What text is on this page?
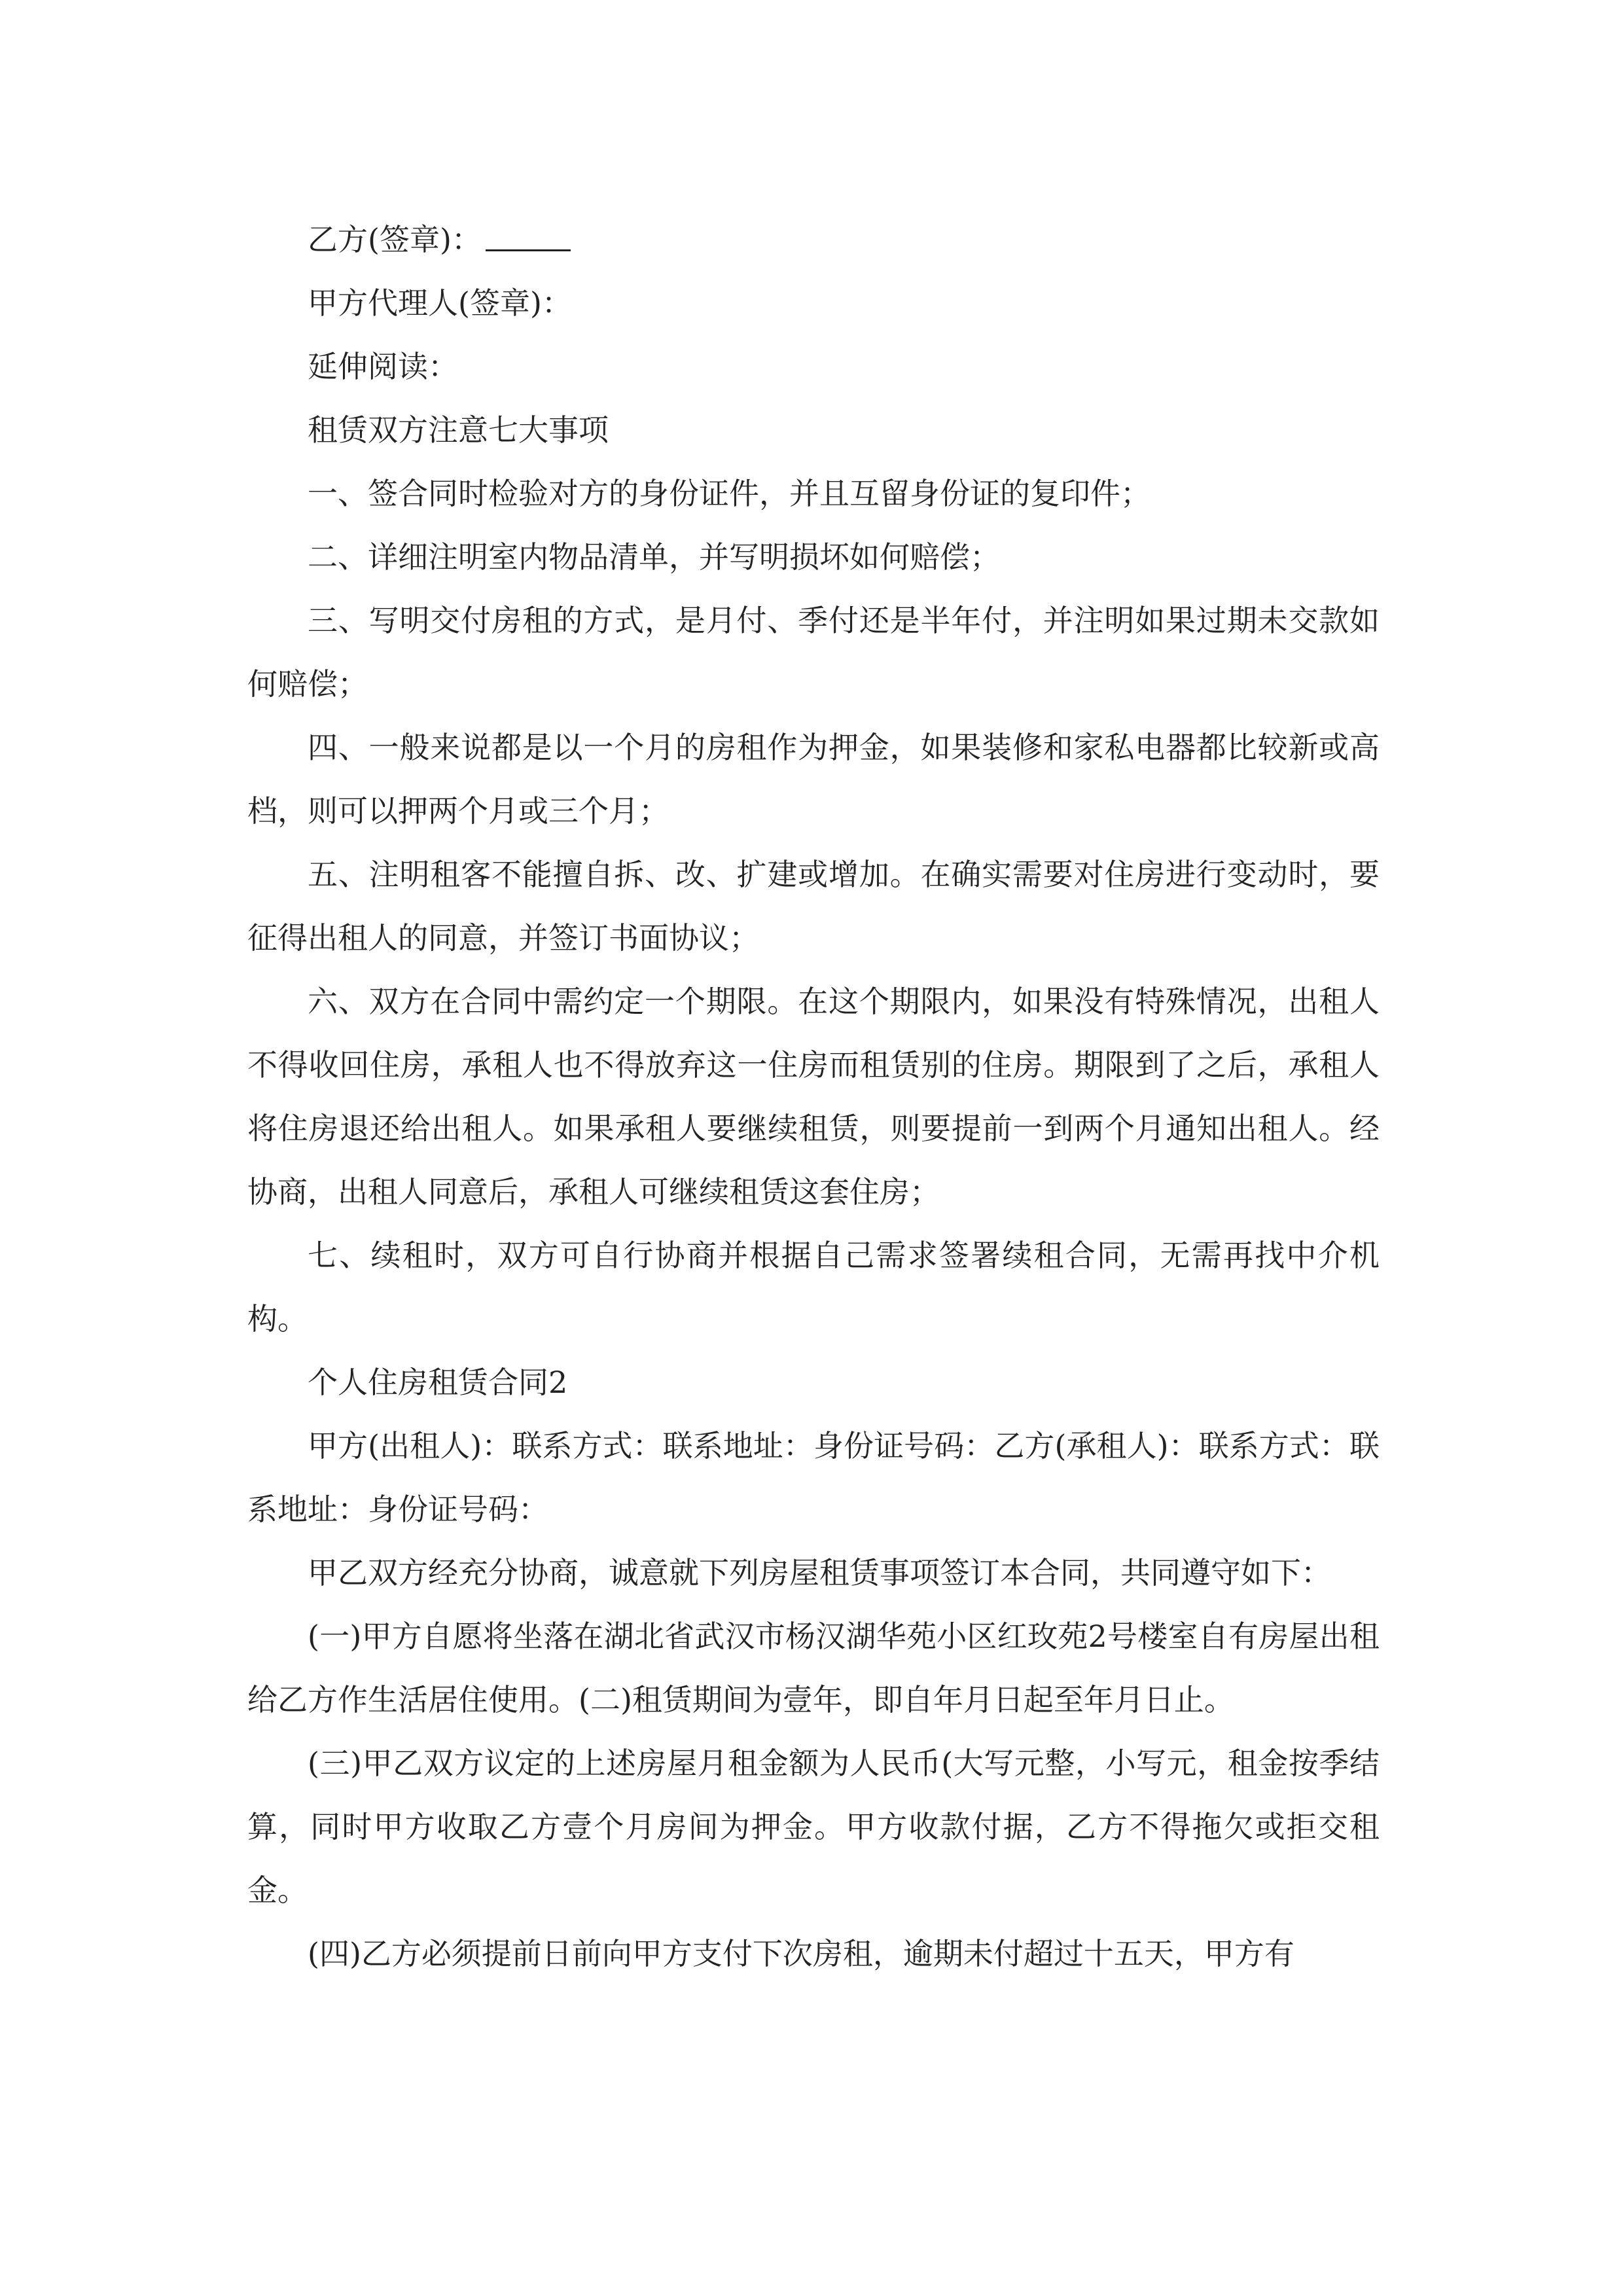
乙方(签章)：

甲方代理人(签章)：

延伸阅读：

租赁双方注意七大事项

一、签合同时检验对方的身份证件，并且互留身份证的复印件；

二、详细注明室内物品清单，并写明损坏如何赔偿；

三、写明交付房租的方式，是月付、季付还是半年付，并注明如果过期未交款如何赔偿；

四、一般来说都是以一个月的房租作为押金，如果装修和家私电器都比较新或高档，则可以押两个月或三个月；

五、注明租客不能擅自拆、改、扩建或增加。在确实需要对住房进行变动时，要征得出租人的同意，并签订书面协议；

六、双方在合同中需约定一个期限。在这个期限内，如果没有特殊情况，出租人不得收回住房，承租人也不得放弃这一住房而租赁别的住房。期限到了之后，承租人将住房退还给出租人。如果承租人要继续租赁，则要提前一到两个月通知出租人。经协商，出租人同意后，承租人可继续租赁这套住房；

七、续租时，双方可自行协商并根据自己需求签署续租合同，无需再找中介机构。

个人住房租赁合同2

甲方(出租人)：联系方式：联系地址：身份证号码：乙方(承租人)：联系方式：联系地址：身份证号码：

甲乙双方经充分协商，诚意就下列房屋租赁事项签订本合同，共同遵守如下：

(一)甲方自愿将坐落在湖北省武汉市杨汉湖华苑小区红玫苑2号楼室自有房屋出租给乙方作生活居住使用。(二)租赁期间为壹年，即自年月日起至年月日止。

(三)甲乙双方议定的上述房屋月租金额为人民币(大写元整，小写元，租金按季结算，同时甲方收取乙方壹个月房间为押金。甲方收款付据，乙方不得拖欠或拒交租金。

(四)乙方必须提前日前向甲方支付下次房租，逾期未付超过十五天，甲方有
